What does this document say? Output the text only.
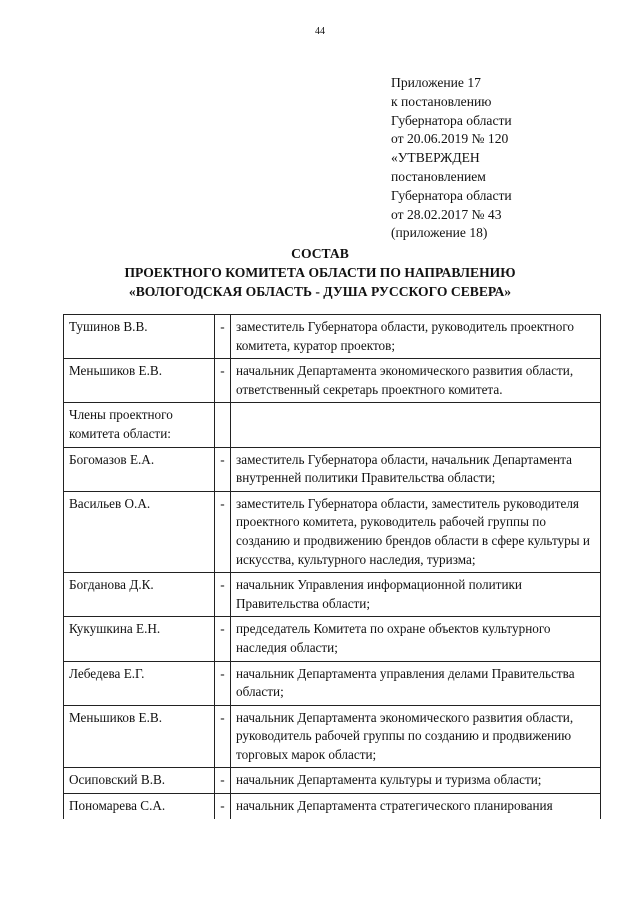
44
Приложение 17
к постановлению
Губернатора области
от 20.06.2019 № 120
«УТВЕРЖДЕН
постановлением
Губернатора области
от 28.02.2017 № 43
(приложение 18)
СОСТАВ
ПРОЕКТНОГО КОМИТЕТА ОБЛАСТИ ПО НАПРАВЛЕНИЮ
«ВОЛОГОДСКАЯ ОБЛАСТЬ - ДУША РУССКОГО СЕВЕРА»
Тушинов В.В.	-	заместитель Губернатора области, руководитель проектного комитета, куратор проектов;
Меньшиков Е.В.	-	начальник Департамента экономического развития области, ответственный секретарь проектного комитета.
Члены проектного комитета области:		
Богомазов Е.А.	-	заместитель Губернатора области, начальник Департамента внутренней политики Правительства области;
Васильев О.А.	-	заместитель Губернатора области, заместитель руководителя проектного комитета, руководитель рабочей группы по созданию и продвижению брендов области в сфере культуры и искусства, культурного наследия, туризма;
Богданова Д.К.	-	начальник Управления информационной политики Правительства области;
Кукушкина Е.Н.	-	председатель Комитета по охране объектов культурного наследия области;
Лебедева Е.Г.	-	начальник Департамента управления делами Правительства области;
Меньшиков Е.В.	-	начальник Департамента экономического развития области, руководитель рабочей группы по созданию и продвижению торговых марок области;
Осиповский В.В.	-	начальник Департамента культуры и туризма области;
Пономарева С.А.	-	начальник Департамента стратегического планирования
